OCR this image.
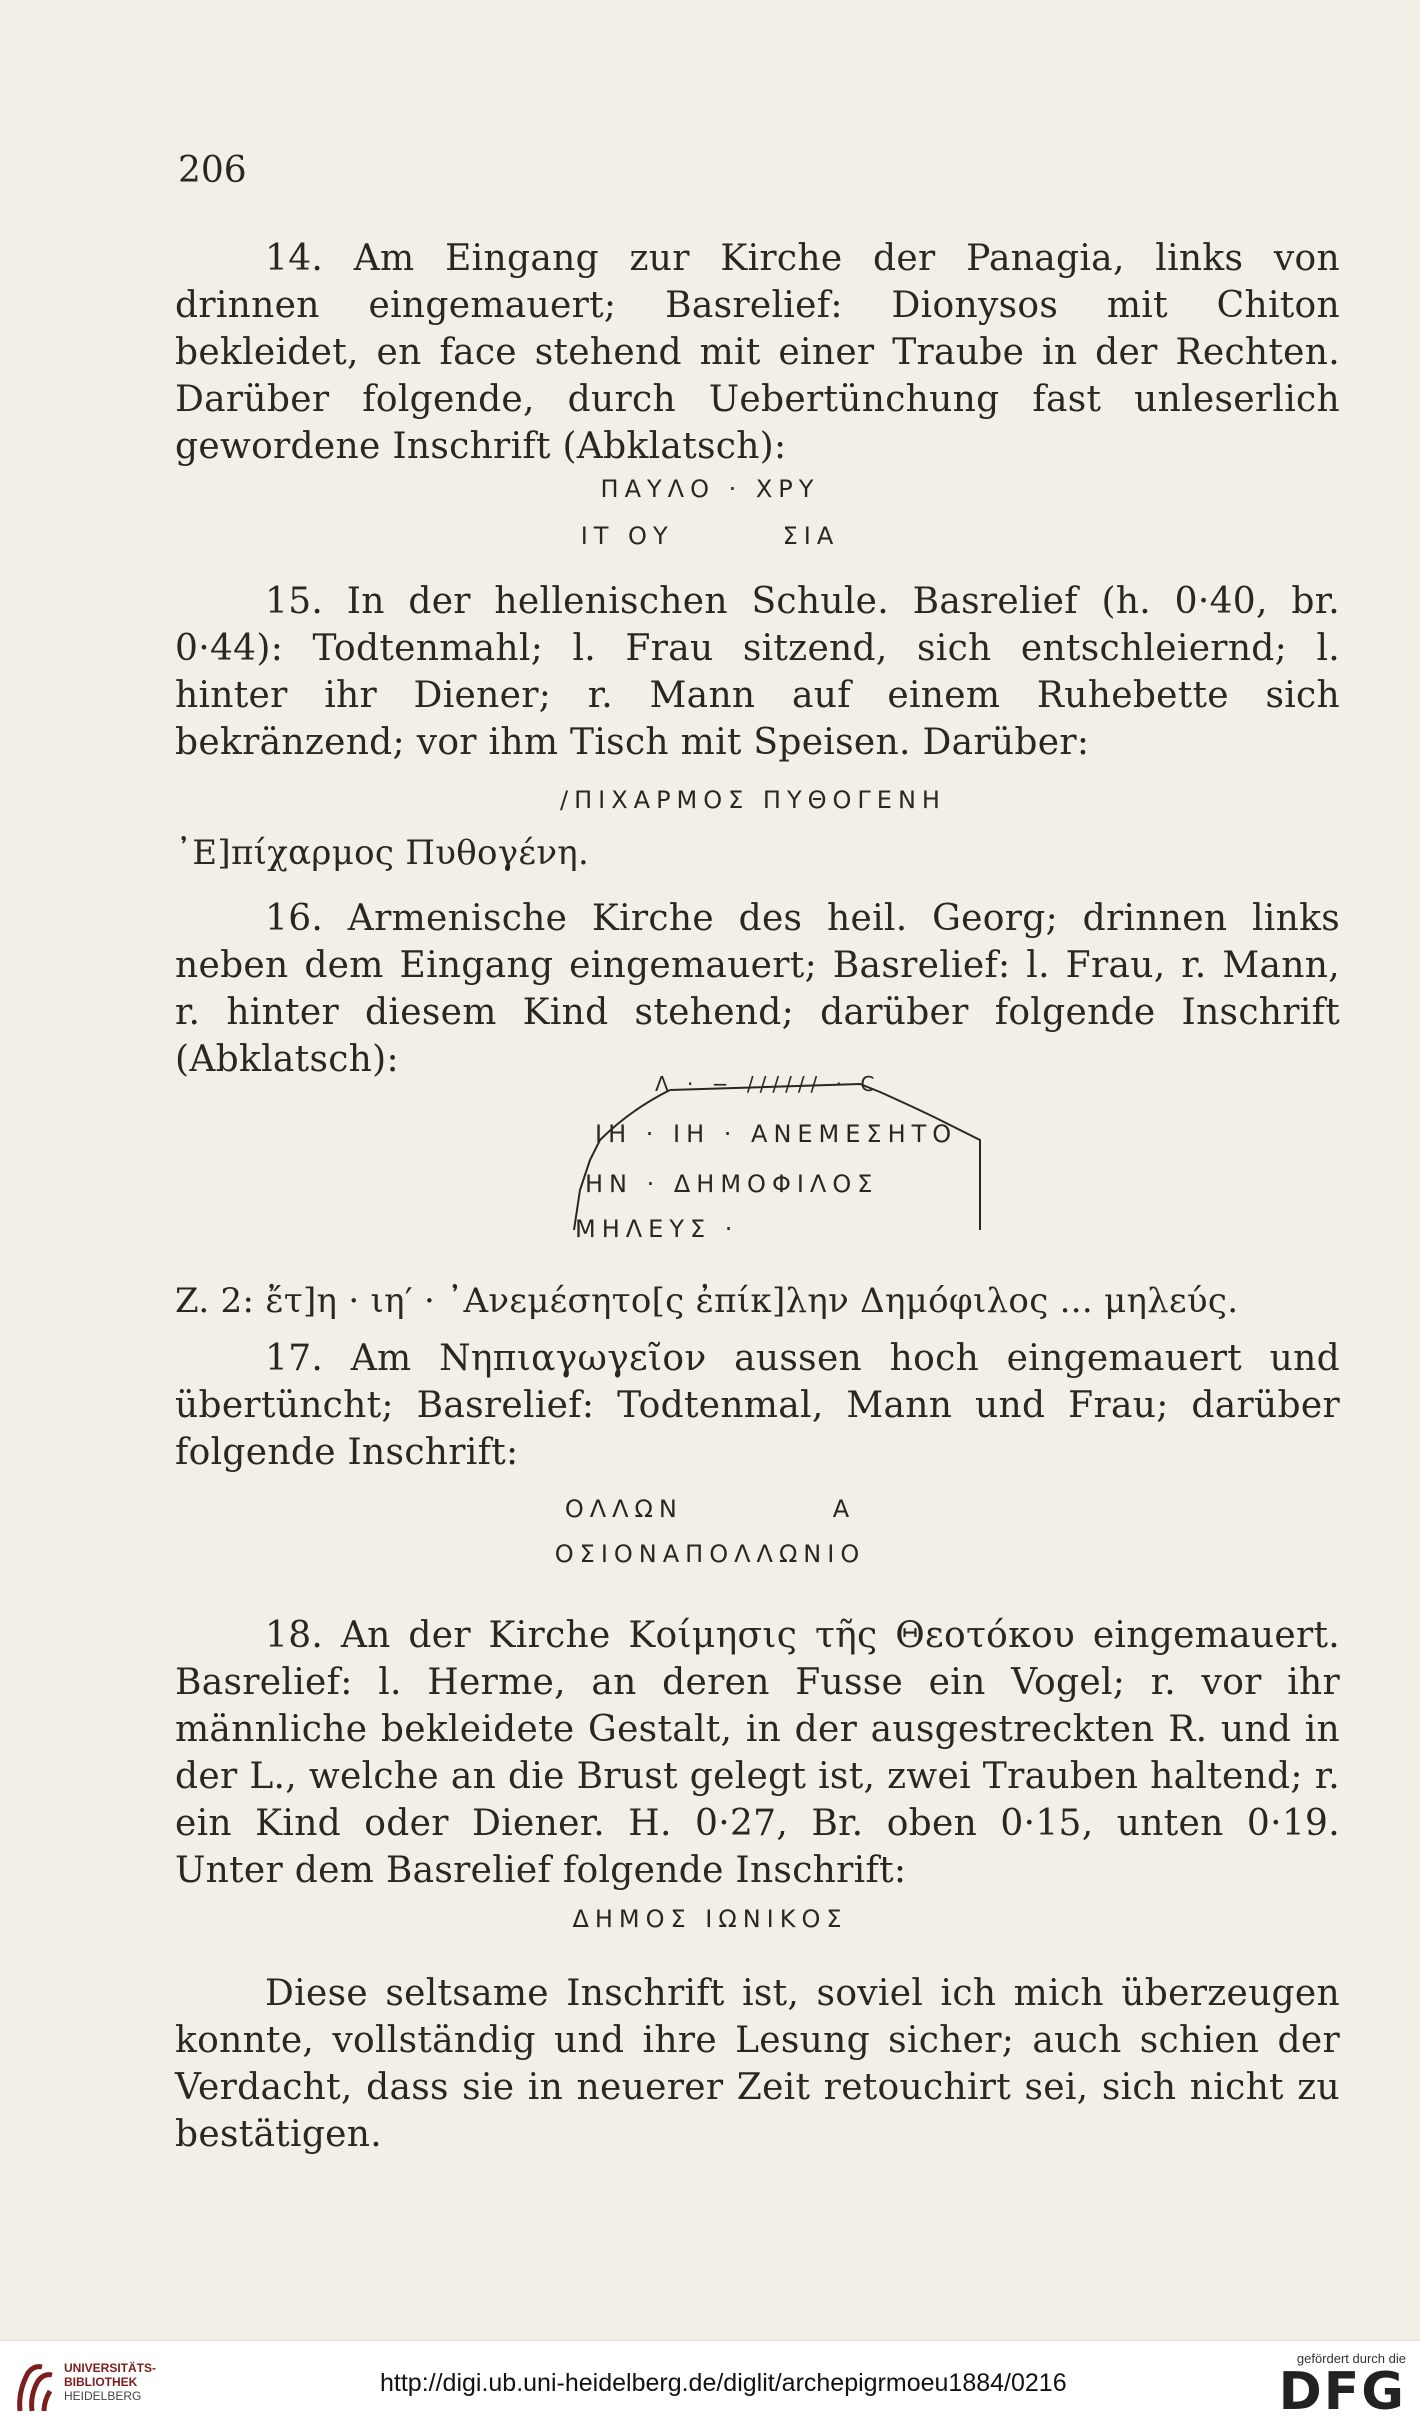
206

14. Am Eingang zur Kirche der Panagia, links von drinnen eingemauert; Basrelief: Dionysos mit Chiton bekleidet, en face stehend mit einer Traube in der Rechten. Darüber folgende, durch Uebertünchung fast unleserlich gewordene Inschrift (Abklatsch):

ΠΑΥΛΟ · ΧΡΥ
ΙΤ ΟΥ        ΣΙΑ

15. In der hellenischen Schule. Basrelief (h. 0·40, br. 0·44): Todtenmahl; l. Frau sitzend, sich entschleiernd; l. hinter ihr Diener; r. Mann auf einem Ruhebette sich bekränzend; vor ihm Tisch mit Speisen. Darüber:

/ΠΙΧΑΡΜΟΣ ΠΥΘΟΓΕΝΗ
᾽Ε]πίχαρμος Πυθογένη.

16. Armenische Kirche des heil. Georg; drinnen links neben dem Eingang eingemauert; Basrelief: l. Frau, r. Mann, r. hinter diesem Kind stehend; darüber folgende Inschrift (Abklatsch):

Λ · − ////// · C
ΙΗ · ΙΗ · ΑΝΕΜΕΣΗΤΟ
ΗΝ · ΔΗΜΟΦΙΛΟΣ
ΜΗΛΕΥΣ ·
Z. 2: ἔτ]η · ιη′ · ᾽Ανεμέσητο[ς ἐπίκ]λην Δημόφιλος ... μηλεύς.

17. Am Νηπιαγωγεῖον aussen hoch eingemauert und übertüncht; Basrelief: Todtenmal, Mann und Frau; darüber folgende Inschrift:

ΟΛΛΩΝ           Α
ΟΣΙΟΝΑΠΟΛΛΩΝΙΟ

18. An der Kirche Κοίμησις τῆς Θεοτόκου eingemauert. Basrelief: l. Herme, an deren Fusse ein Vogel; r. vor ihr männliche bekleidete Gestalt, in der ausgestreckten R. und in der L., welche an die Brust gelegt ist, zwei Trauben haltend; r. ein Kind oder Diener. H. 0·27, Br. oben 0·15, unten 0·19. Unter dem Basrelief folgende Inschrift:

ΔΗΜΟΣ ΙΩΝΙΚΟΣ

Diese seltsame Inschrift ist, soviel ich mich überzeugen konnte, vollständig und ihre Lesung sicher; auch schien der Verdacht, dass sie in neuerer Zeit retouchirt sei, sich nicht zu bestätigen.

UNIVERSITÄTS-
BIBLIOTHEK
HEIDELBERG	http://digi.ub.uni-heidelberg.de/diglit/archepigrmoeu1884/0216
gefördert durch die
DFG
